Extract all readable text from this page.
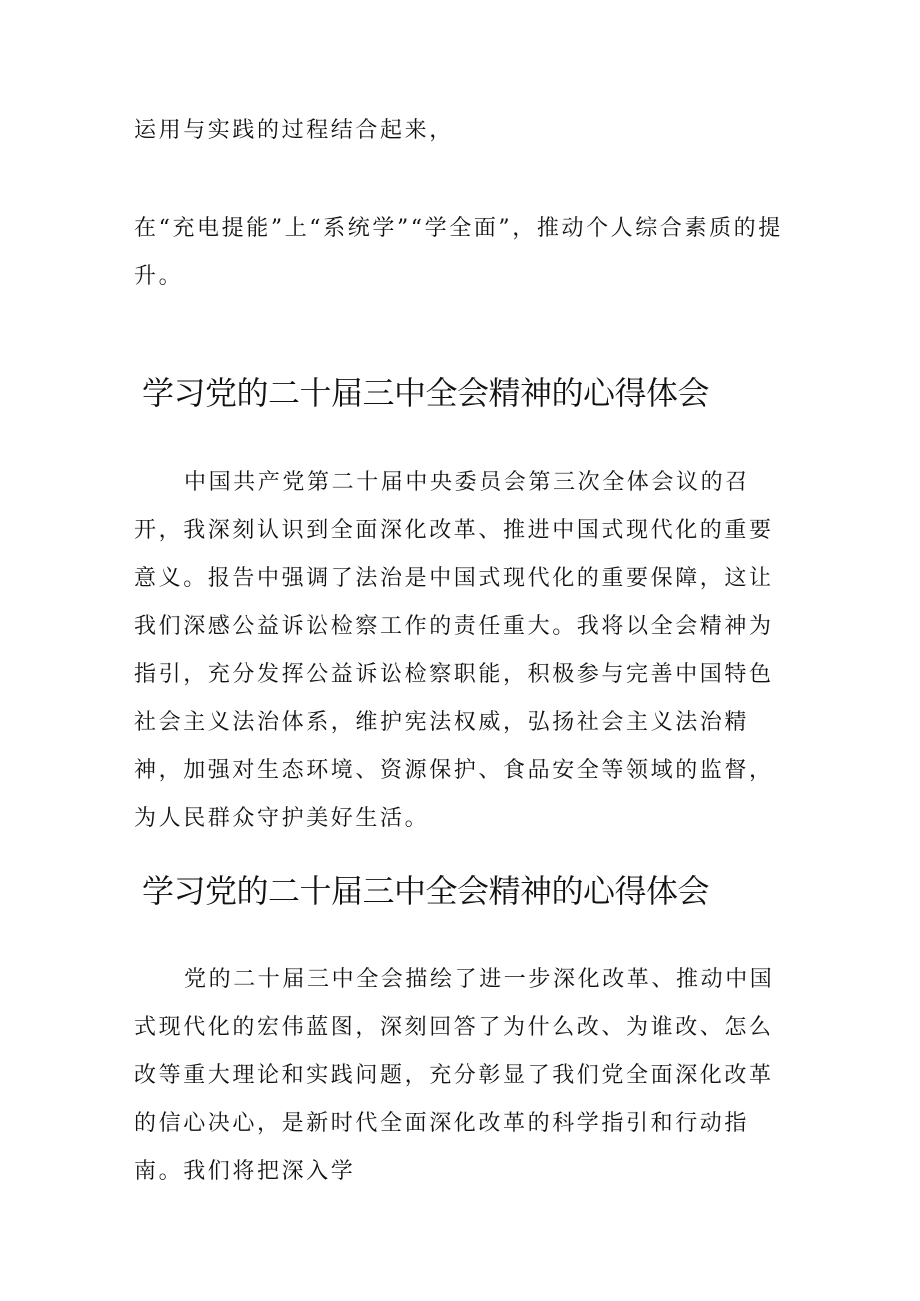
运用与实践的过程结合起来，

在“充电提能”上“系统学”“学全面”，推动个人综合素质的提升。

学习党的二十届三中全会精神的心得体会

中国共产党第二十届中央委员会第三次全体会议的召开，我深刻认识到全面深化改革、推进中国式现代化的重要意义。报告中强调了法治是中国式现代化的重要保障，这让我们深感公益诉讼检察工作的责任重大。我将以全会精神为指引，充分发挥公益诉讼检察职能，积极参与完善中国特色社会主义法治体系，维护宪法权威，弘扬社会主义法治精神，加强对生态环境、资源保护、食品安全等领域的监督，为人民群众守护美好生活。

学习党的二十届三中全会精神的心得体会

党的二十届三中全会描绘了进一步深化改革、推动中国式现代化的宏伟蓝图，深刻回答了为什么改、为谁改、怎么改等重大理论和实践问题，充分彰显了我们党全面深化改革的信心决心，是新时代全面深化改革的科学指引和行动指南。我们将把深入学
